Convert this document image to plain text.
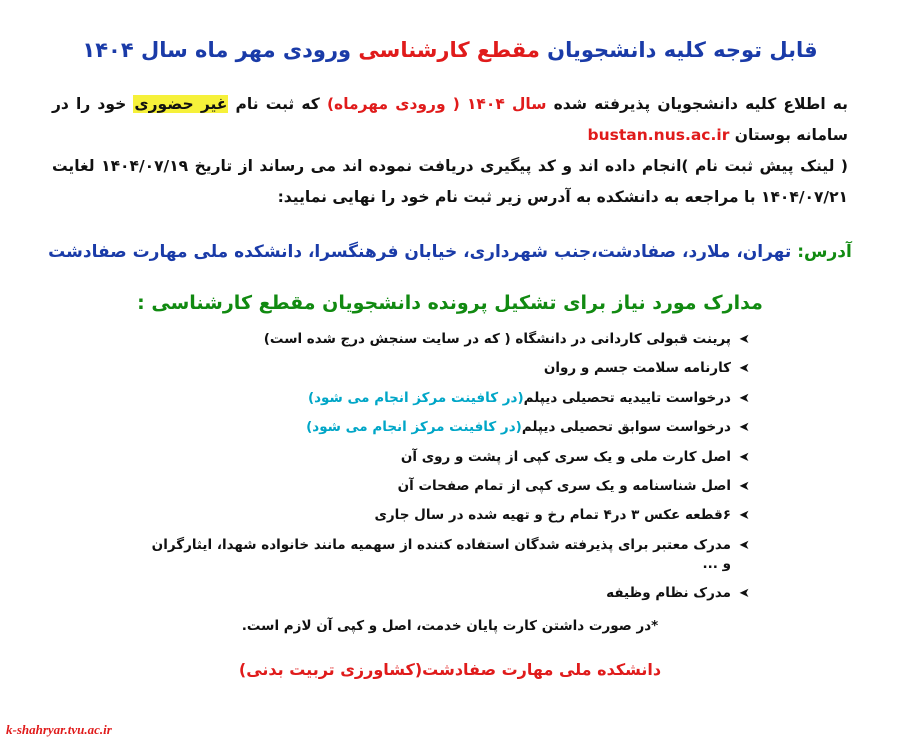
قابل توجه کلیه دانشجویان مقطع کارشناسی ورودی مهر ماه سال ۱۴۰۴
به اطلاع کلیه دانشجویان پذیرفته شده سال ۱۴۰۴ ( ورودی مهرماه) که ثبت نام غیر حضوری خود را در سامانه بوستان bustan.nus.ac.ir
( لینک پیش ثبت نام )انجام داده اند و کد پیگیری دریافت نموده اند می رساند از تاریخ ۱۴۰۴/۰۷/۱۹ لغایت ۱۴۰۴/۰۷/۲۱ با مراجعه به دانشکده به آدرس زیر ثبت نام خود را نهایی نمایید:
آدرس: تهران، ملارد، صفادشت،جنب شهرداری، خیابان فرهنگسرا، دانشکده ملی مهارت صفادشت
مدارک مورد نیاز برای تشکیل پرونده دانشجویان مقطع کارشناسی :
➤
پرینت قبولی کاردانی در دانشگاه ( که در سایت سنجش درج شده است)
➤
کارنامه سلامت جسم و روان
➤
درخواست تاییدیه تحصیلی دیپلم(در کافینت مرکز انجام می شود)
➤
درخواست سوابق تحصیلی دیپلم(در کافینت مرکز انجام می شود)
➤
اصل کارت ملی و یک سری کپی از پشت و روی آن
➤
اصل شناسنامه و یک سری کپی از تمام صفحات آن
➤
۶قطعه عکس ۳ در۴ تمام رخ و تهیه شده در سال جاری
➤
مدرک معتبر برای پذیرفته شدگان استفاده کننده از سهمیه مانند خانواده شهدا، ایثارگران و ...
➤
مدرک نظام وظیفه
*در صورت داشتن کارت پایان خدمت، اصل و کپی آن لازم است.
دانشکده ملی مهارت صفادشت(کشاورزی تربیت بدنی)
k-shahryar.tvu.ac.ir
